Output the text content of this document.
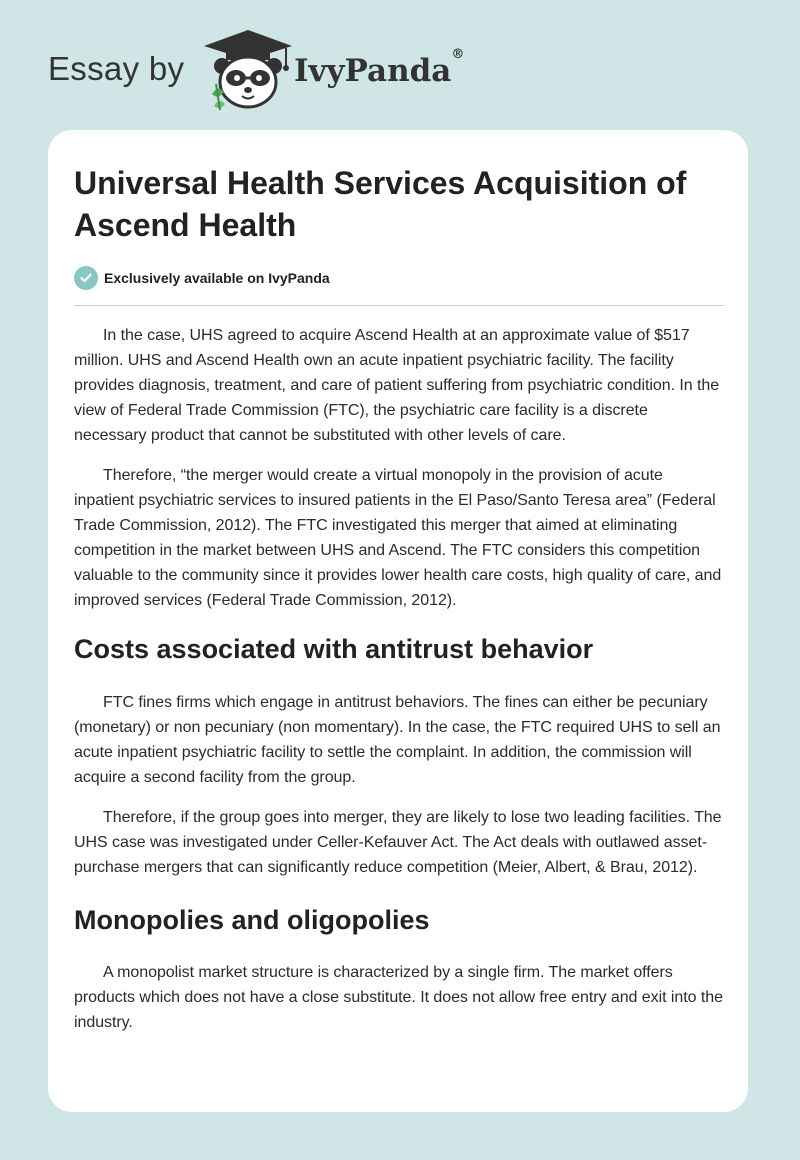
Essay by	IvyPanda®
Universal Health Services Acquisition of Ascend Health
Exclusively available on IvyPanda

In the case, UHS agreed to acquire Ascend Health at an approximate value of $517 million. UHS and Ascend Health own an acute inpatient psychiatric facility. The facility provides diagnosis, treatment, and care of patient suffering from psychiatric condition. In the view of Federal Trade Commission (FTC), the psychiatric care facility is a discrete necessary product that cannot be substituted with other levels of care.

Therefore, “the merger would create a virtual monopoly in the provision of acute inpatient psychiatric services to insured patients in the El Paso/Santo Teresa area” (Federal Trade Commission, 2012). The FTC investigated this merger that aimed at eliminating competition in the market between UHS and Ascend. The FTC considers this competition valuable to the community since it provides lower health care costs, high quality of care, and improved services (Federal Trade Commission, 2012).

Costs associated with antitrust behavior

FTC fines firms which engage in antitrust behaviors. The fines can either be pecuniary (monetary) or non pecuniary (non momentary). In the case, the FTC required UHS to sell an acute inpatient psychiatric facility to settle the complaint. In addition, the commission will acquire a second facility from the group.

Therefore, if the group goes into merger, they are likely to lose two leading facilities. The UHS case was investigated under Celler-Kefauver Act. The Act deals with outlawed asset-purchase mergers that can significantly reduce competition (Meier, Albert, & Brau, 2012).

Monopolies and oligopolies

A monopolist market structure is characterized by a single firm. The market offers products which does not have a close substitute. It does not allow free entry and exit into the industry.
